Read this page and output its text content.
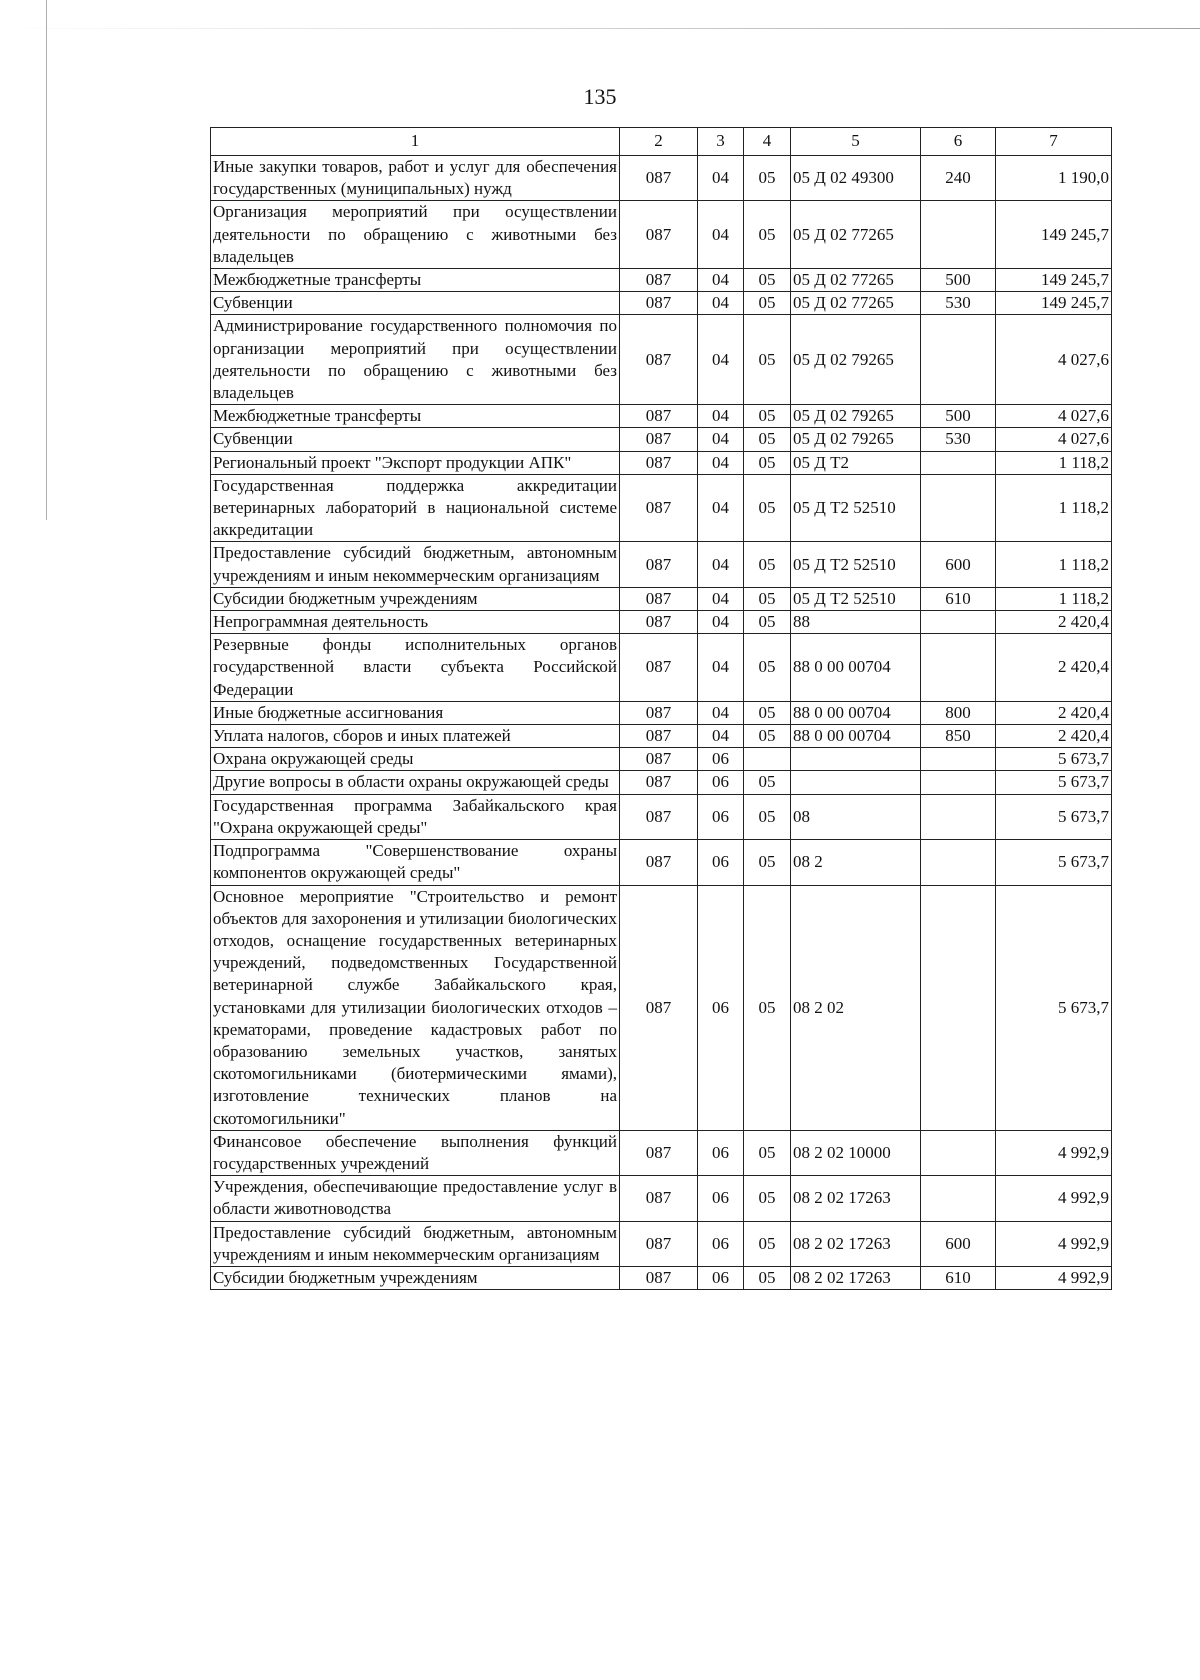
135
1	2	3	4	5	6	7
Иные закупки товаров, работ и услуг для обеспечения государственных (муниципальных) нужд	087	04	05	05 Д 02 49300	240	1 190,0
Организация мероприятий при осуществлении деятельности по обращению с животными без владельцев	087	04	05	05 Д 02 77265		149 245,7
Межбюджетные трансферты	087	04	05	05 Д 02 77265	500	149 245,7
Субвенции	087	04	05	05 Д 02 77265	530	149 245,7
Администрирование государственного полномочия по организации мероприятий при осуществлении деятельности по обращению с животными без владельцев	087	04	05	05 Д 02 79265		4 027,6
Межбюджетные трансферты	087	04	05	05 Д 02 79265	500	4 027,6
Субвенции	087	04	05	05 Д 02 79265	530	4 027,6
Региональный проект "Экспорт продукции АПК"	087	04	05	05 Д Т2		1 118,2
Государственная поддержка аккредитации ветеринарных лабораторий в национальной системе аккредитации	087	04	05	05 Д Т2 52510		1 118,2
Предоставление субсидий бюджетным, автономным учреждениям и иным некоммерческим организациям	087	04	05	05 Д Т2 52510	600	1 118,2
Субсидии бюджетным учреждениям	087	04	05	05 Д Т2 52510	610	1 118,2
Непрограммная деятельность	087	04	05	88		2 420,4
Резервные фонды исполнительных органов государственной власти субъекта Российской Федерации	087	04	05	88 0 00 00704		2 420,4
Иные бюджетные ассигнования	087	04	05	88 0 00 00704	800	2 420,4
Уплата налогов, сборов и иных платежей	087	04	05	88 0 00 00704	850	2 420,4
Охрана окружающей среды	087	06				5 673,7
Другие вопросы в области охраны окружающей среды	087	06	05			5 673,7
Государственная программа Забайкальского края "Охрана окружающей среды"	087	06	05	08		5 673,7
Подпрограмма "Совершенствование охраны компонентов окружающей среды"	087	06	05	08 2		5 673,7
Основное мероприятие "Строительство и ремонт объектов для захоронения и утилизации биологических отходов, оснащение государственных ветеринарных учреждений, подведомственных Государственной ветеринарной службе Забайкальского края, установками для утилизации биологических отходов – крематорами, проведение кадастровых работ по образованию земельных участков, занятых скотомогильниками (биотермическими ямами), изготовление технических планов на скотомогильники"	087	06	05	08 2 02		5 673,7
Финансовое обеспечение выполнения функций государственных учреждений	087	06	05	08 2 02 10000		4 992,9
Учреждения, обеспечивающие предоставление услуг в области животноводства	087	06	05	08 2 02 17263		4 992,9
Предоставление субсидий бюджетным, автономным учреждениям и иным некоммерческим организациям	087	06	05	08 2 02 17263	600	4 992,9
Субсидии бюджетным учреждениям	087	06	05	08 2 02 17263	610	4 992,9
